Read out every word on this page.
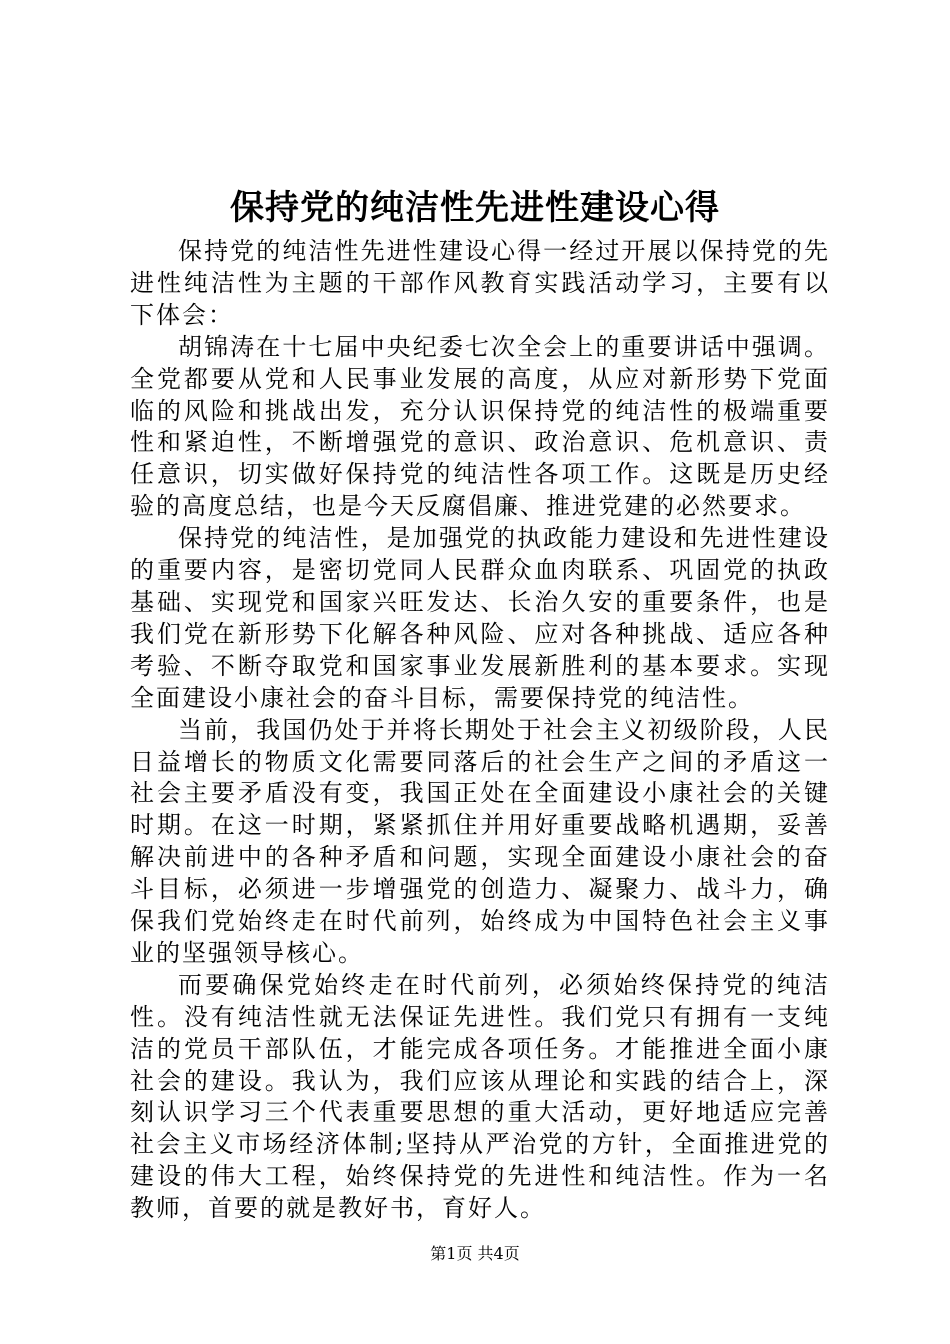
保持党的纯洁性先进性建设心得

保持党的纯洁性先进性建设心得一经过开展以保持党的先进性纯洁性为主题的干部作风教育实践活动学习，主要有以下体会：

胡锦涛在十七届中央纪委七次全会上的重要讲话中强调。全党都要从党和人民事业发展的高度，从应对新形势下党面临的风险和挑战出发，充分认识保持党的纯洁性的极端重要性和紧迫性，不断增强党的意识、政治意识、危机意识、责任意识，切实做好保持党的纯洁性各项工作。这既是历史经验的高度总结，也是今天反腐倡廉、推进党建的必然要求。

保持党的纯洁性，是加强党的执政能力建设和先进性建设的重要内容，是密切党同人民群众血肉联系、巩固党的执政基础、实现党和国家兴旺发达、长治久安的重要条件，也是我们党在新形势下化解各种风险、应对各种挑战、适应各种考验、不断夺取党和国家事业发展新胜利的基本要求。实现全面建设小康社会的奋斗目标，需要保持党的纯洁性。

当前，我国仍处于并将长期处于社会主义初级阶段，人民日益增长的物质文化需要同落后的社会生产之间的矛盾这一社会主要矛盾没有变，我国正处在全面建设小康社会的关键时期。在这一时期，紧紧抓住并用好重要战略机遇期，妥善解决前进中的各种矛盾和问题，实现全面建设小康社会的奋斗目标，必须进一步增强党的创造力、凝聚力、战斗力，确保我们党始终走在时代前列，始终成为中国特色社会主义事业的坚强领导核心。

而要确保党始终走在时代前列，必须始终保持党的纯洁性。没有纯洁性就无法保证先进性。我们党只有拥有一支纯洁的党员干部队伍，才能完成各项任务。才能推进全面小康社会的建设。我认为，我们应该从理论和实践的结合上，深刻认识学习三个代表重要思想的重大活动，更好地适应完善社会主义市场经济体制;坚持从严治党的方针，全面推进党的建设的伟大工程，始终保持党的先进性和纯洁性。作为一名教师，首要的就是教好书，育好人。

第1页 共4页
